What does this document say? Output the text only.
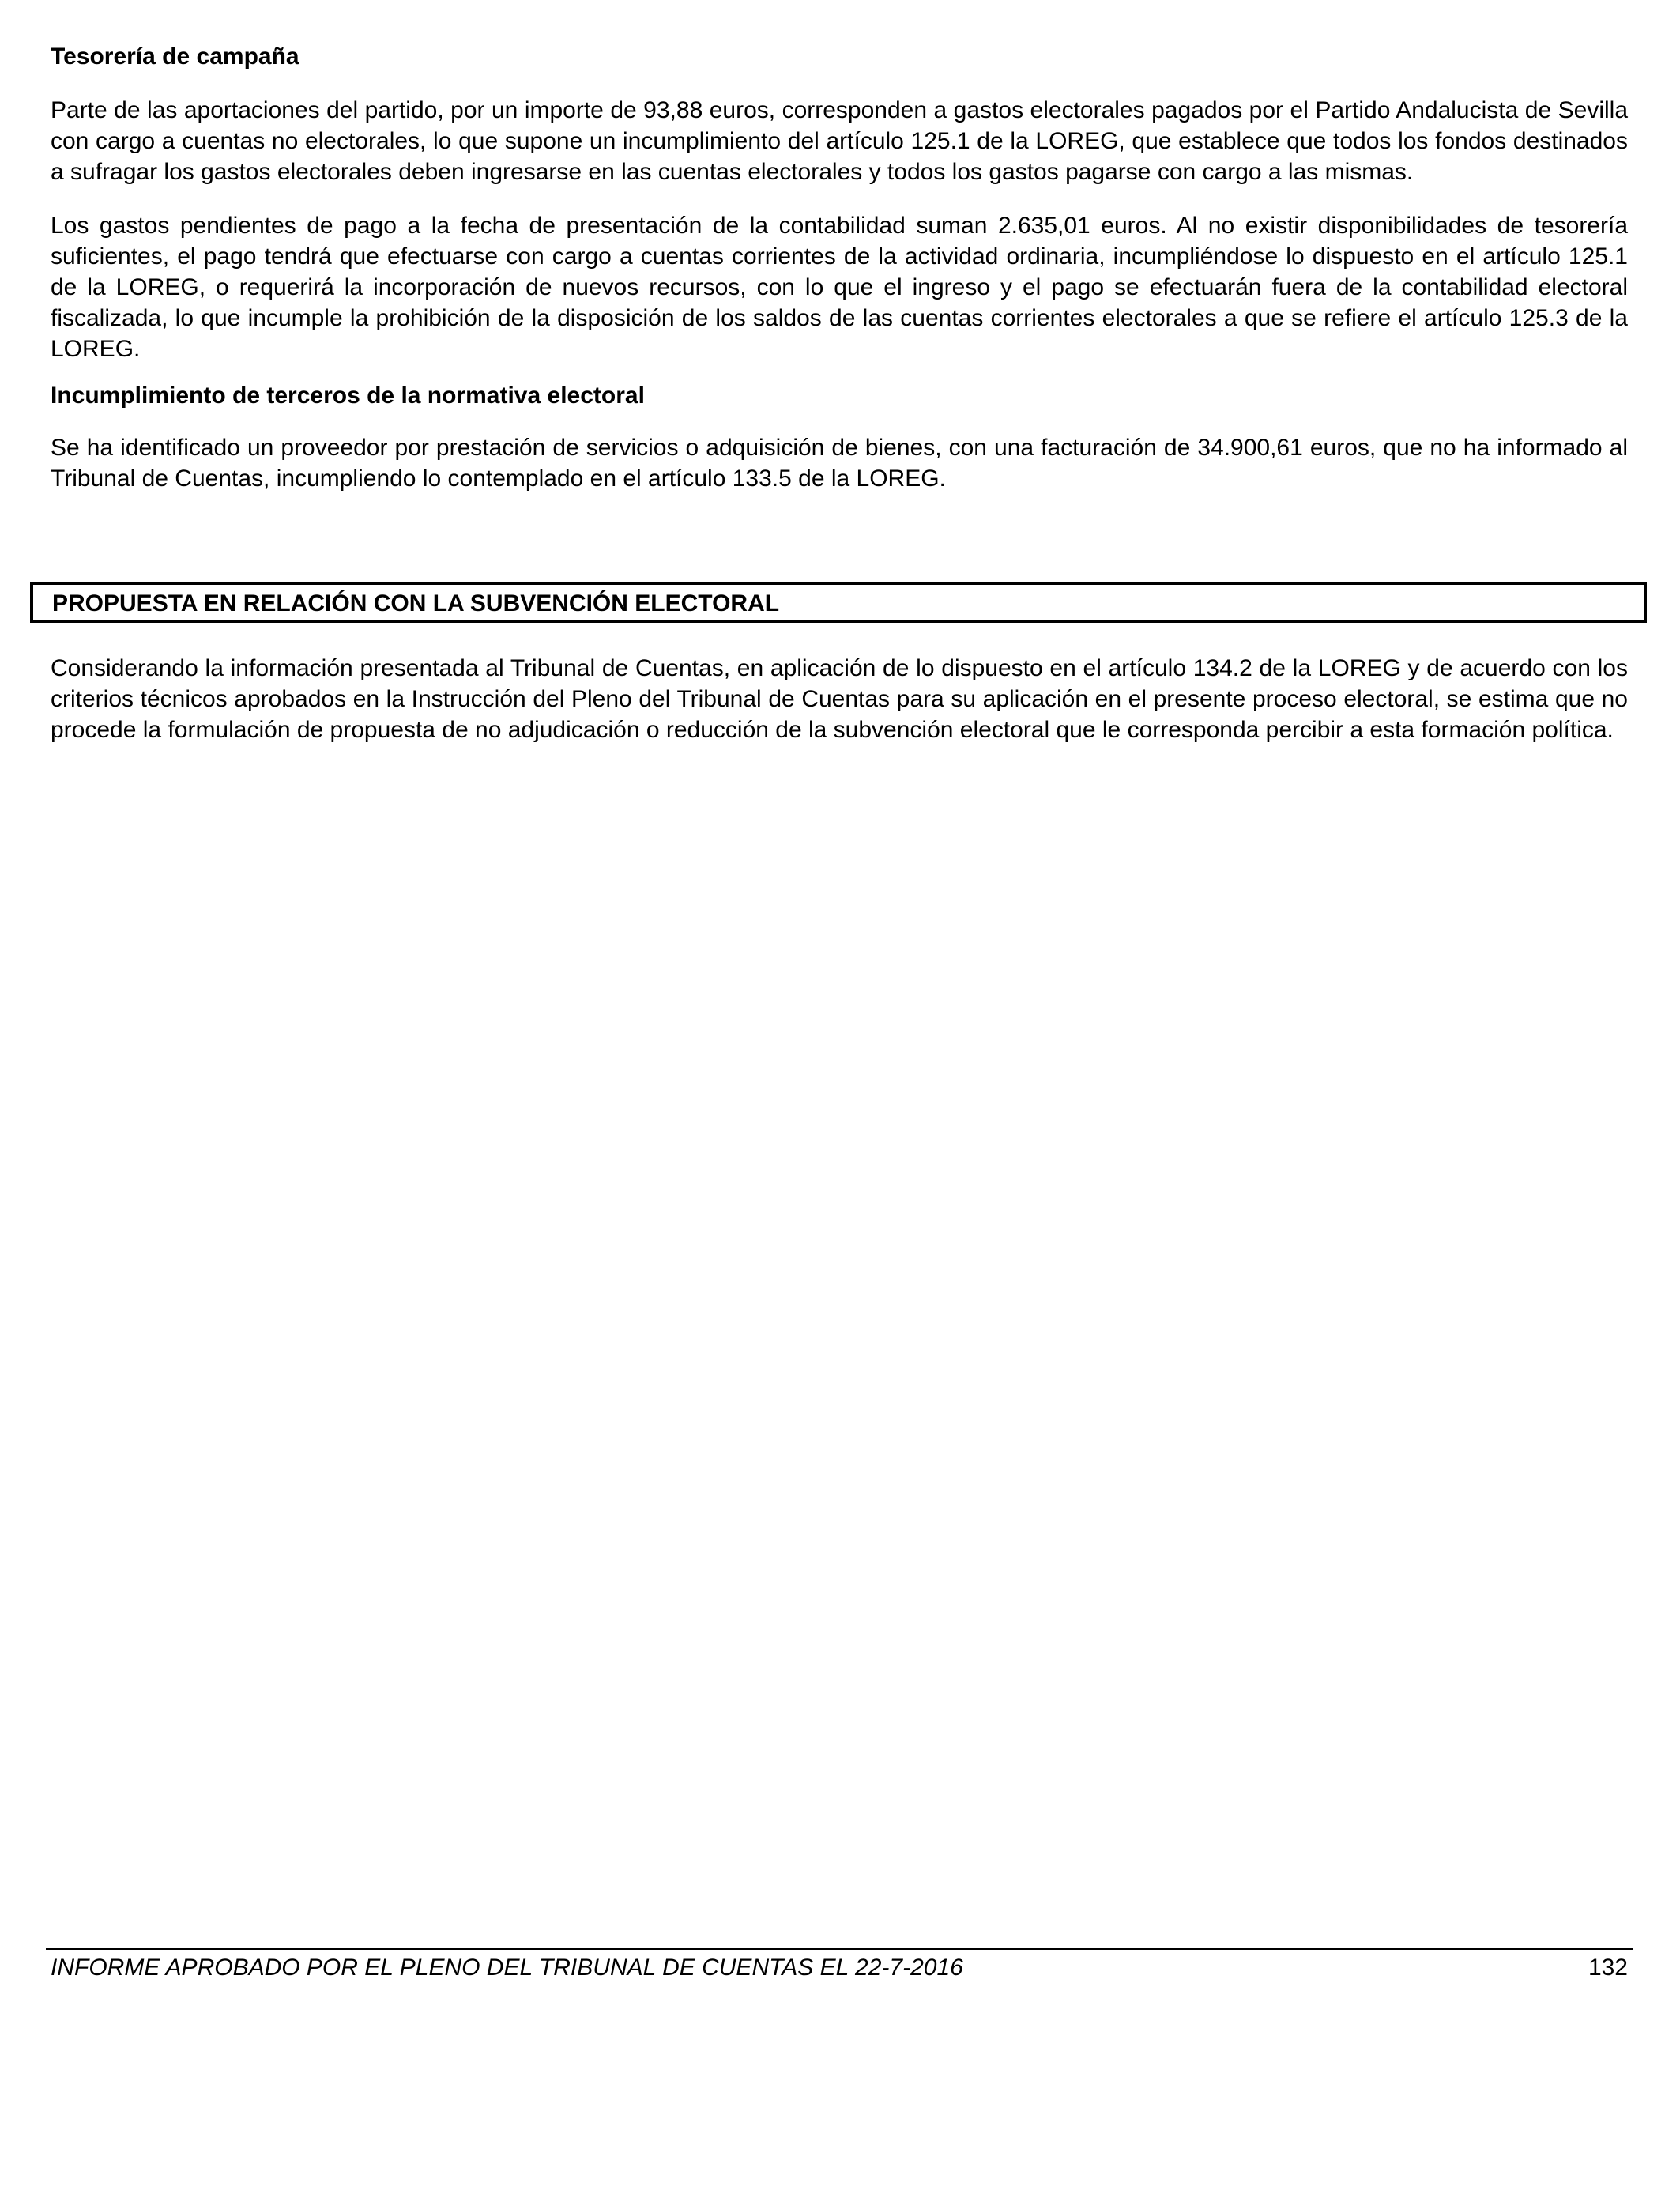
Tesorería de campaña

Parte de las aportaciones del partido, por un importe de 93,88 euros, corresponden a gastos electorales pagados por el Partido Andalucista de Sevilla con cargo a cuentas no electorales, lo que supone un incumplimiento del artículo 125.1 de la LOREG, que establece que todos los fondos destinados a sufragar los gastos electorales deben ingresarse en las cuentas electorales y todos los gastos pagarse con cargo a las mismas.

Los gastos pendientes de pago a la fecha de presentación de la contabilidad suman 2.635,01 euros. Al no existir disponibilidades de tesorería suficientes, el pago tendrá que efectuarse con cargo a cuentas corrientes de la actividad ordinaria, incumpliéndose lo dispuesto en el artículo 125.1 de la LOREG, o requerirá la incorporación de nuevos recursos, con lo que el ingreso y el pago se efectuarán fuera de la contabilidad electoral fiscalizada, lo que incumple la prohibición de la disposición de los saldos de las cuentas corrientes electorales a que se refiere el artículo 125.3 de la LOREG.

Incumplimiento de terceros de la normativa electoral

Se ha identificado un proveedor por prestación de servicios o adquisición de bienes, con una facturación de 34.900,61 euros, que no ha informado al Tribunal de Cuentas, incumpliendo lo contemplado en el artículo 133.5 de la LOREG.

PROPUESTA EN RELACIÓN CON LA SUBVENCIÓN ELECTORAL

Considerando la información presentada al Tribunal de Cuentas, en aplicación de lo dispuesto en el artículo 134.2 de la LOREG y de acuerdo con los criterios técnicos aprobados en la Instrucción del Pleno del Tribunal de Cuentas para su aplicación en el presente proceso electoral, se estima que no procede la formulación de propuesta de no adjudicación o reducción de la subvención electoral que le corresponda percibir a esta formación política.

INFORME APROBADO POR EL PLENO DEL TRIBUNAL DE CUENTAS EL 22-7-2016	132
